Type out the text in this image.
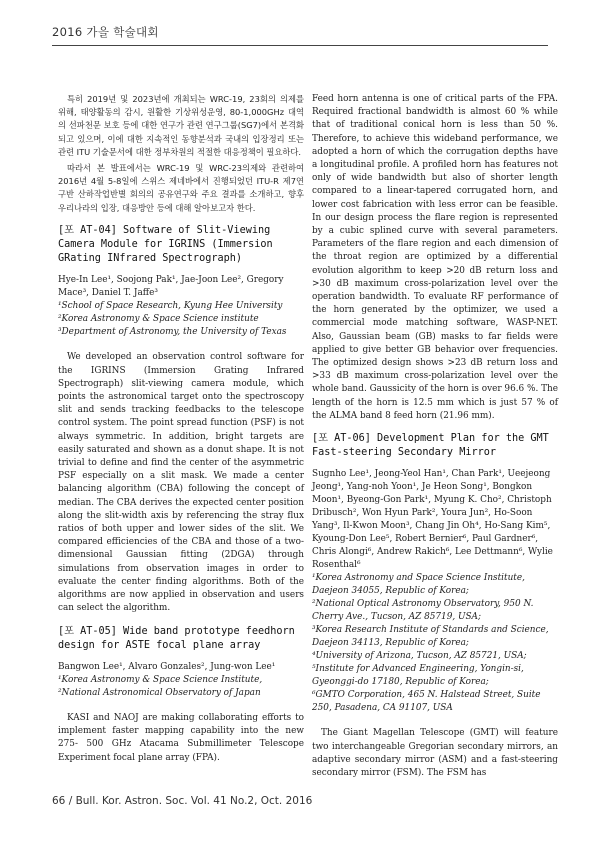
2016 가을 학술대회

특히 2019년 및 2023년에 개최되는 WRC-19, 23회의 의제를 위해, 태양활동의 감시, 원활한 기상위성운영, 80-1,000GHz 대역의 선파천문 보호 등에 대한 연구가 관련 연구그룹(SG7)에서 본격화되고 있으며, 이에 대한 지속적인 동향분석과 국내의 입장정리 또는 관련 ITU 기술문서에 대한 정부차원의 적절한 대응정책이 필요하다.

따라서 본 발표에서는 WRC-19 및 WRC-23의제와 관련하여 2016년 4월 5-8일에 스위스 제네바에서 진행되었던 ITU-R 제7연구반 산하작업반별 회의의 공유연구와 주요 결과를 소개하고, 향후 우리나라의 입장, 대응방안 등에 대해 알아보고자 한다.

[포 AT-04] Software of Slit-Viewing Camera Module for IGRINS (Immersion GRating INfrared Spectrograph)

Hye-In Lee¹, Soojong Pak¹, Jae-Joon Lee², Gregory Mace³, Daniel T. Jaffe³

¹School of Space Research, Kyung Hee University

²Korea Astronomy & Space Science institute

³Department of Astronomy, the University of Texas

We developed an observation control software for the IGRINS (Immersion Grating Infrared Spectrograph) slit-viewing camera module, which points the astronomical target onto the spectroscopy slit and sends tracking feedbacks to the telescope control system. The point spread function (PSF) is not always symmetric. In addition, bright targets are easily saturated and shown as a donut shape. It is not trivial to define and find the center of the asymmetric PSF especially on a slit mask. We made a center balancing algorithm (CBA) following the concept of median. The CBA derives the expected center position along the slit-width axis by referencing the stray flux ratios of both upper and lower sides of the slit. We compared efficiencies of the CBA and those of a two-dimensional Gaussian fitting (2DGA) through simulations from observation images in order to evaluate the center finding algorithms. Both of the algorithms are now applied in observation and users can select the algorithm.

[포 AT-05] Wide band prototype feedhorn design for ASTE focal plane array

Bangwon Lee¹, Alvaro Gonzales², Jung-won Lee¹

¹Korea Astronomy & Space Science Institute,

²National Astronomical Observatory of Japan

KASI and NAOJ are making collaborating efforts to implement faster mapping capability into the new 275- 500 GHz Atacama Submillimeter Telescope Experiment focal plane array (FPA).

Feed horn antenna is one of critical parts of the FPA. Required fractional bandwidth is almost 60 % while that of traditional conical horn is less than 50 %. Therefore, to achieve this wideband performance, we adopted a horn of which the corrugation depths have a longitudinal profile. A profiled horn has features not only of wide bandwidth but also of shorter length compared to a linear-tapered corrugated horn, and lower cost fabrication with less error can be feasible. In our design process the flare region is represented by a cubic splined curve with several parameters. Parameters of the flare region and each dimension of the throat region are optimized by a differential evolution algorithm to keep >20 dB return loss and >30 dB maximum cross-polarization level over the operation bandwidth. To evaluate RF performance of the horn generated by the optimizer, we used a commercial mode matching software, WASP-NET. Also, Gaussian beam (GB) masks to far fields were applied to give better GB behavior over frequencies. The optimized design shows >23 dB return loss and >33 dB maximum cross-polarization level over the whole band. Gaussicity of the horn is over 96.6 %. The length of the horn is 12.5 mm which is just 57 % of the ALMA band 8 feed horn (21.96 mm).

[포 AT-06] Development Plan for the GMT Fast-steering Secondary Mirror

Sugnho Lee¹, Jeong-Yeol Han¹, Chan Park¹, Ueejeong Jeong¹, Yang-noh Yoon¹, Je Heon Song¹, Bongkon Moon¹, Byeong-Gon Park¹, Myung K. Cho², Christoph Dribusch², Won Hyun Park², Youra Jun², Ho-Soon Yang³, Il-Kwon Moon³, Chang Jin Oh⁴, Ho-Sang Kim⁵, Kyoung-Don Lee⁵, Robert Bernier⁶, Paul Gardner⁶, Chris Alongi⁶, Andrew Rakich⁶, Lee Dettmann⁶, Wylie Rosenthal⁶

¹Korea Astronomy and Space Science Institute, Daejeon 34055, Republic of Korea;

²National Optical Astronomy Observatory, 950 N. Cherry Ave., Tucson, AZ 85719, USA;

³Korea Research Institute of Standards and Science, Daejeon 34113, Republic of Korea;

⁴University of Arizona, Tucson, AZ 85721, USA;

⁵Institute for Advanced Engineering, Yongin-si, Gyeonggi-do 17180, Republic of Korea;

⁶GMTO Corporation, 465 N. Halstead Street, Suite 250, Pasadena, CA 91107, USA

The Giant Magellan Telescope (GMT) will feature two interchangeable Gregorian secondary mirrors, an adaptive secondary mirror (ASM) and a fast-steering secondary mirror (FSM). The FSM has

66 / Bull. Kor. Astron. Soc. Vol. 41 No.2, Oct. 2016
